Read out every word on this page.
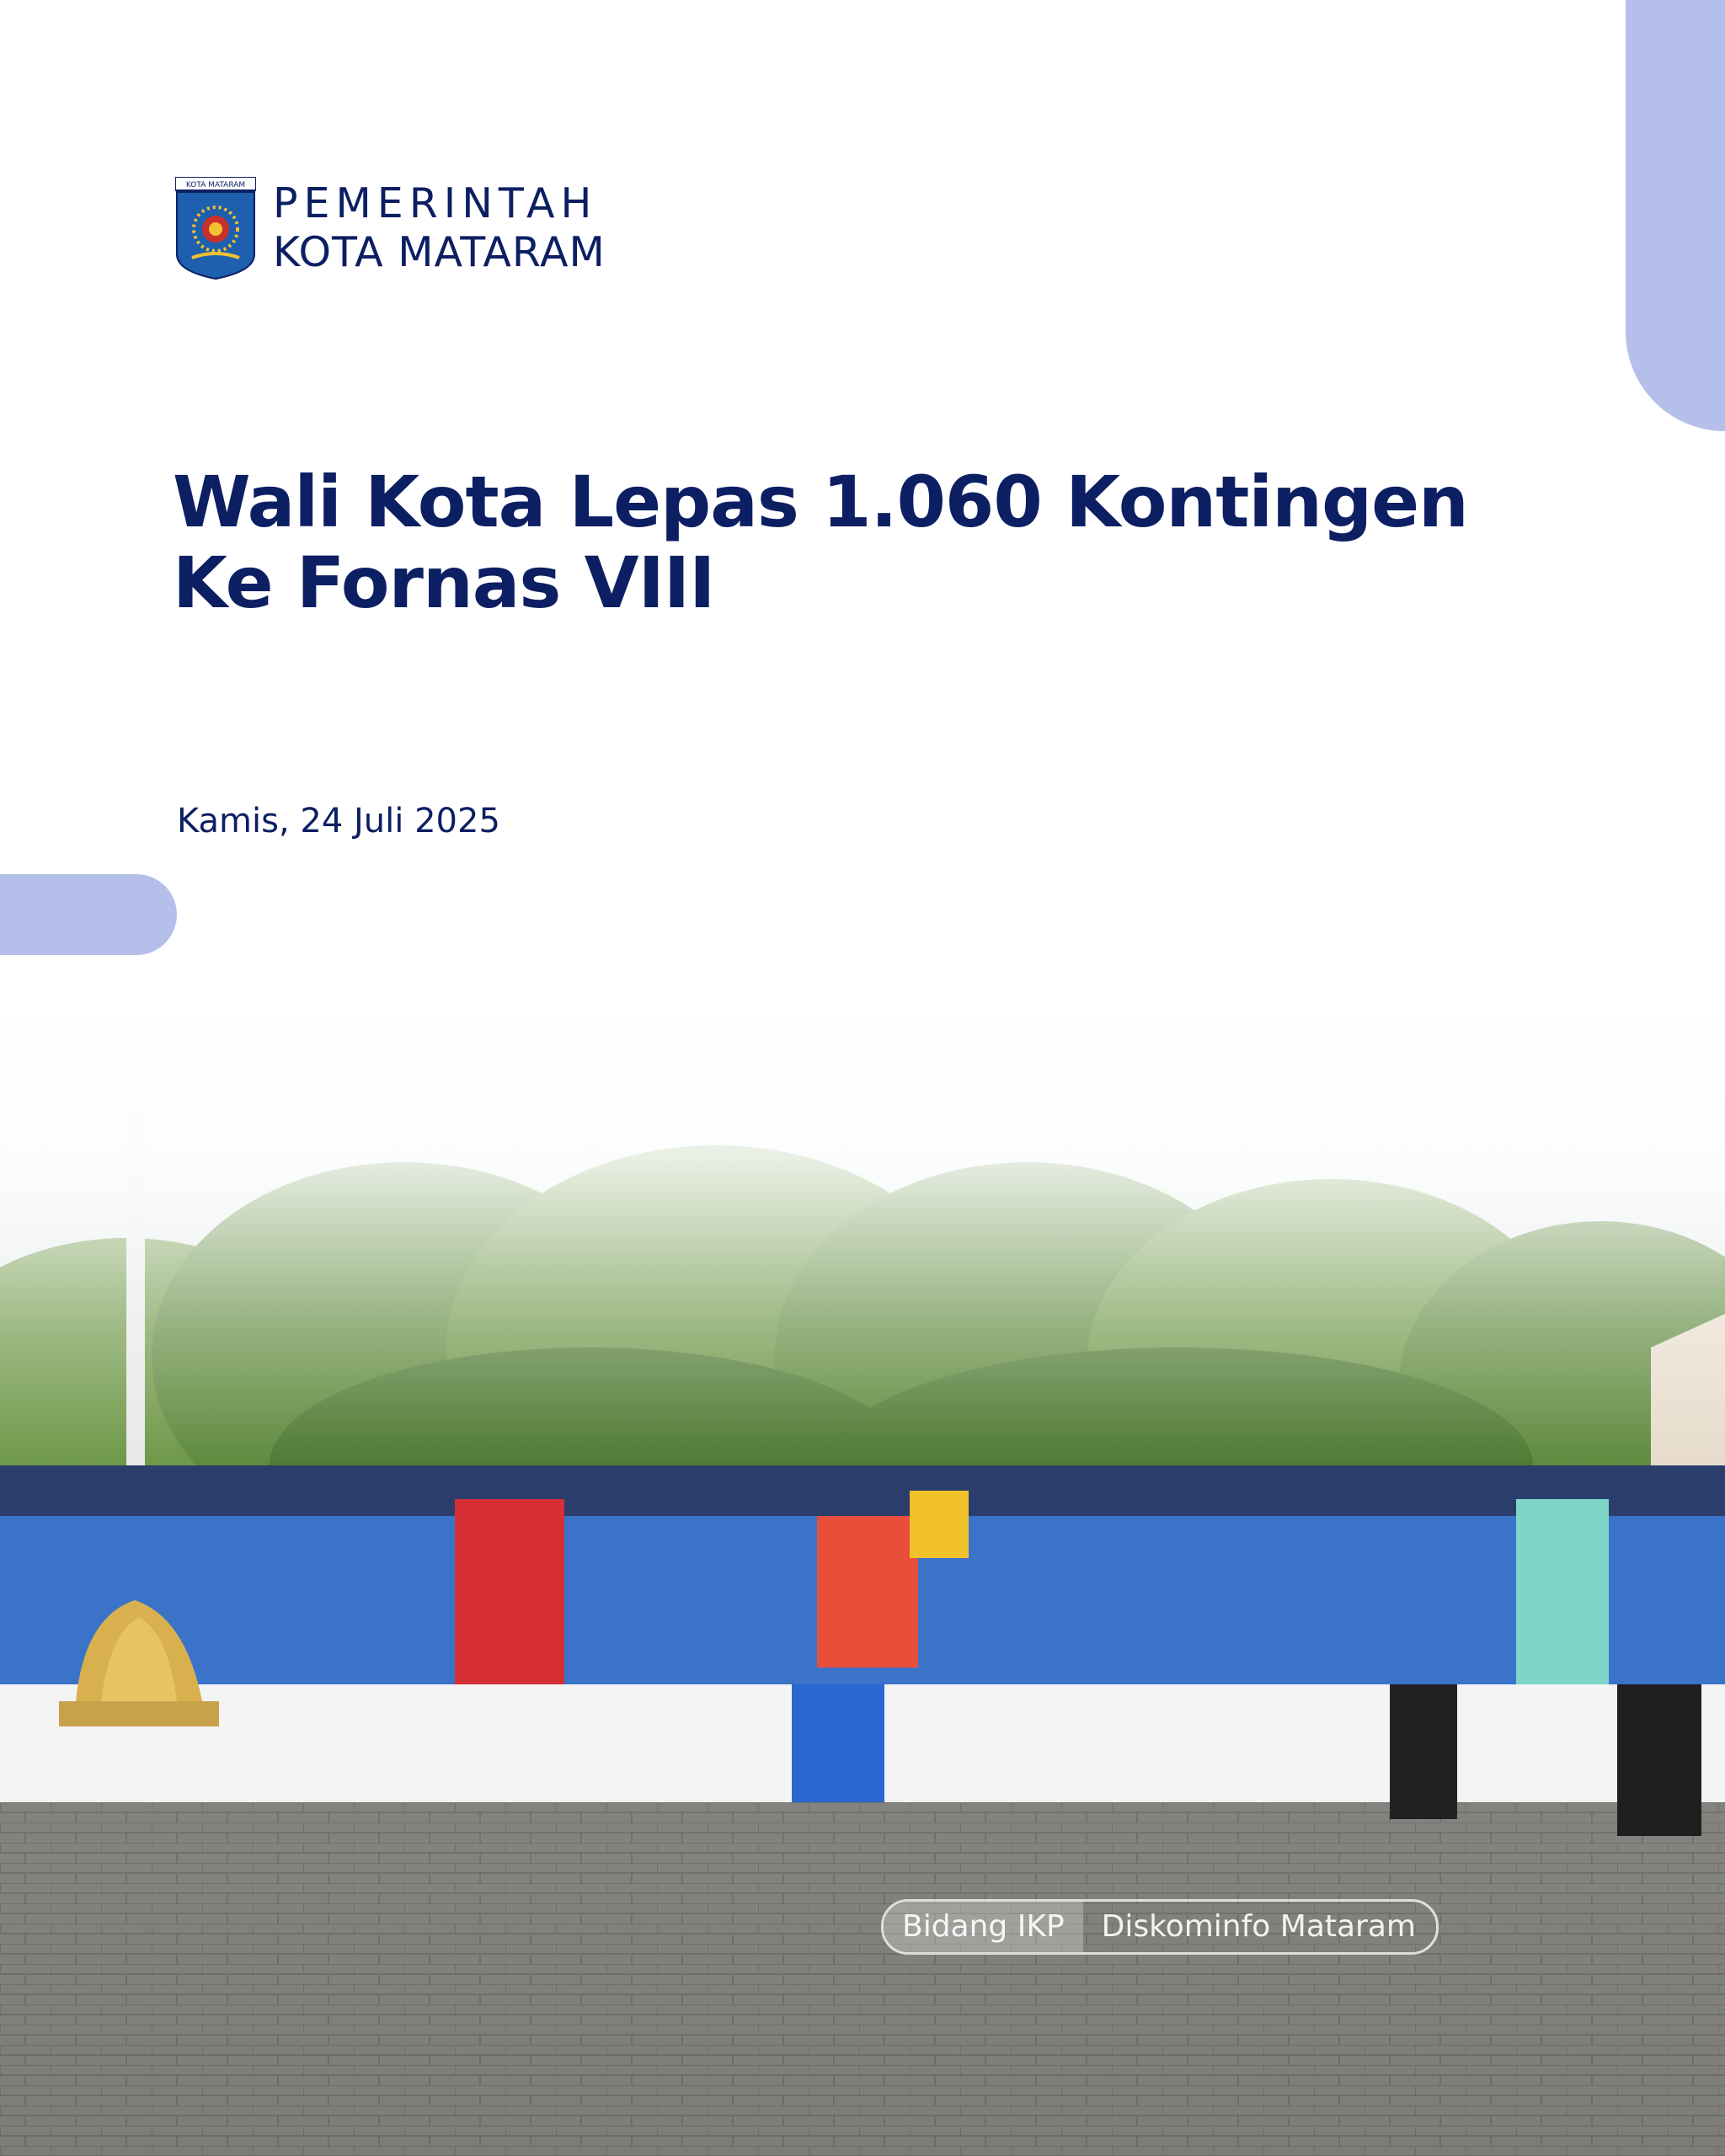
KOTA MATARAM PEMERINTAH
KOTA MATARAM
Wali Kota Lepas 1.060 Kontingen
Ke Fornas VIII
Kamis, 24 Juli 2025
Bidang IKP	Diskominfo Mataram
